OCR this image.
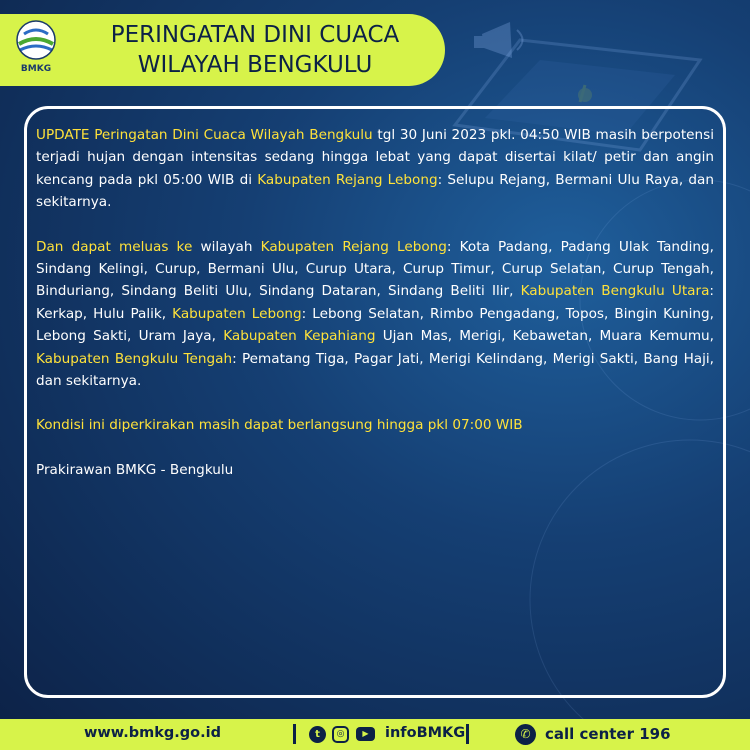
BMKG
PERINGATAN DINI CUACA
WILAYAH BENGKULU

UPDATE Peringatan Dini Cuaca Wilayah Bengkulu tgl 30 Juni 2023 pkl. 04:50 WIB masih berpotensi terjadi hujan dengan intensitas sedang hingga lebat yang dapat disertai kilat/ petir dan angin kencang pada pkl 05:00 WIB di Kabupaten Rejang Lebong: Selupu Rejang, Bermani Ulu Raya, dan sekitarnya.

Dan dapat meluas ke wilayah Kabupaten Rejang Lebong: Kota Padang, Padang Ulak Tanding, Sindang Kelingi, Curup, Bermani Ulu, Curup Utara, Curup Timur, Curup Selatan, Curup Tengah, Binduriang, Sindang Beliti Ulu, Sindang Dataran, Sindang Beliti Ilir, Kabupaten Bengkulu Utara: Kerkap, Hulu Palik, Kabupaten Lebong: Lebong Selatan, Rimbo Pengadang, Topos, Bingin Kuning, Lebong Sakti, Uram Jaya, Kabupaten Kepahiang Ujan Mas, Merigi, Kebawetan, Muara Kemumu, Kabupaten Bengkulu Tengah: Pematang Tiga, Pagar Jati, Merigi Kelindang, Merigi Sakti, Bang Haji, dan sekitarnya.

Kondisi ini diperkirakan masih dapat berlangsung hingga pkl 07:00 WIB

Prakirawan BMKG - Bengkulu

www.bmkg.go.id	t	◎	▶	infoBMKG	✆ call center 196
